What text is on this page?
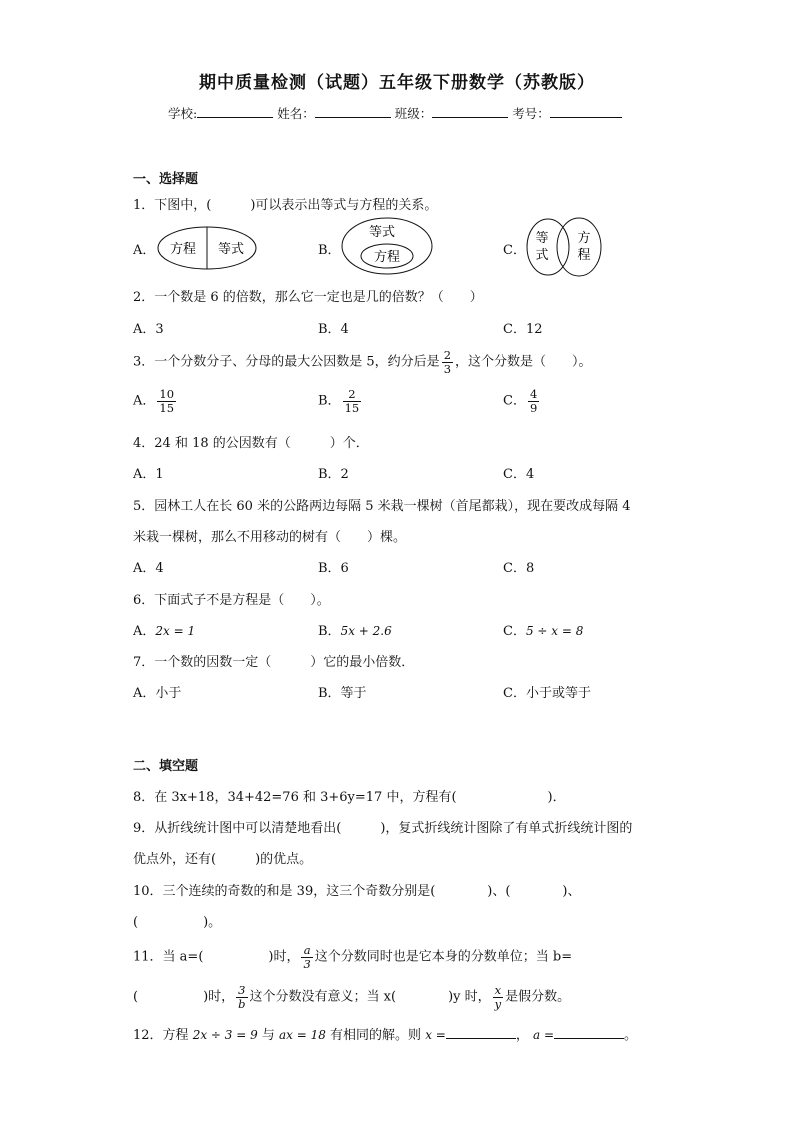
期中质量检测（试题）五年级下册数学（苏教版）
学校:	姓名：	班级：	考号：
一、选择题
1．下图中，(　　　)可以表示出等式与方程的关系。
A． 方程 等式	B．
等式
方程	C．
等
式
方
程
2．一个数是 6 的倍数，那么它一定也是几的倍数？（　　）
A．3	B．4	C．12
3．一个分数分子、分母的最大公因数是 5，约分后是 $\frac{2}{3}$ ，这个分数是（　　）。
A． $\frac{10}{15}$	B． $\frac{2}{15}$	C． $\frac{4}{9}$
4．24 和 18 的公因数有（　　　）个．
A．1	B．2	C．4
5．园林工人在长 60 米的公路两边每隔 5 米栽一棵树（首尾都栽），现在要改成每隔 4
米栽一棵树，那么不用移动的树有（　　）棵。
A．4	B．6	C．8
6．下面式子不是方程是（　　）。
A．2x = 1	B．5x + 2.6	C．5 ÷ x = 8
7．一个数的因数一定（　　　）它的最小倍数．
A．小于	B．等于	C．小于或等于
二、填空题
8．在 3x+18，34+42=76 和 3+6y=17 中，方程有(　　　　　　　)．
9．从折线统计图中可以清楚地看出(　　　)，复式折线统计图除了有单式折线统计图的
优点外，还有(　　　)的优点。
10．三个连续的奇数的和是 39，这三个奇数分别是(　　　　)、(　　　　)、
(　　　　　)。
11．当 a=(　　　　　)时， $\frac{a}{3}$ 这个分数同时也是它本身的分数单位；当 b=
(　　　　　)时， $\frac{3}{b}$ 这个分数没有意义；当 x(　　　　)y 时， $\frac{x}{y}$ 是假分数。
12．方程 2x ÷ 3 = 9 与 ax = 18 有相同的解。则 x =	， a =	。
